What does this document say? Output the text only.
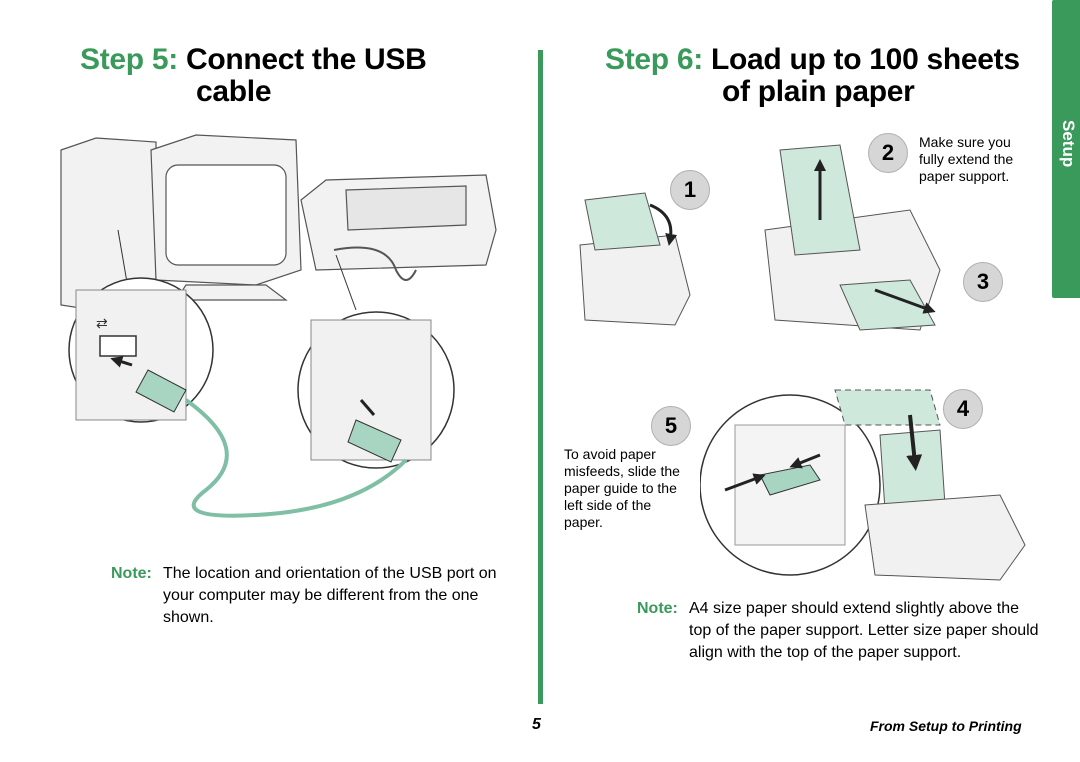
Step 5: Connect the USB
cable
Step 6: Load up to 100 sheets
of plain paper
Setup
⇄
Note: The location and orientation of the USB port on your computer may be different from the one shown.
1
2	Make sure you fully extend the paper support.
3
4
5
To avoid paper misfeeds, slide the paper guide to the left side of the paper.
Note: A4 size paper should extend slightly above the top of the paper support. Letter size paper should align with the top of the paper support.
5	From Setup to Printing
